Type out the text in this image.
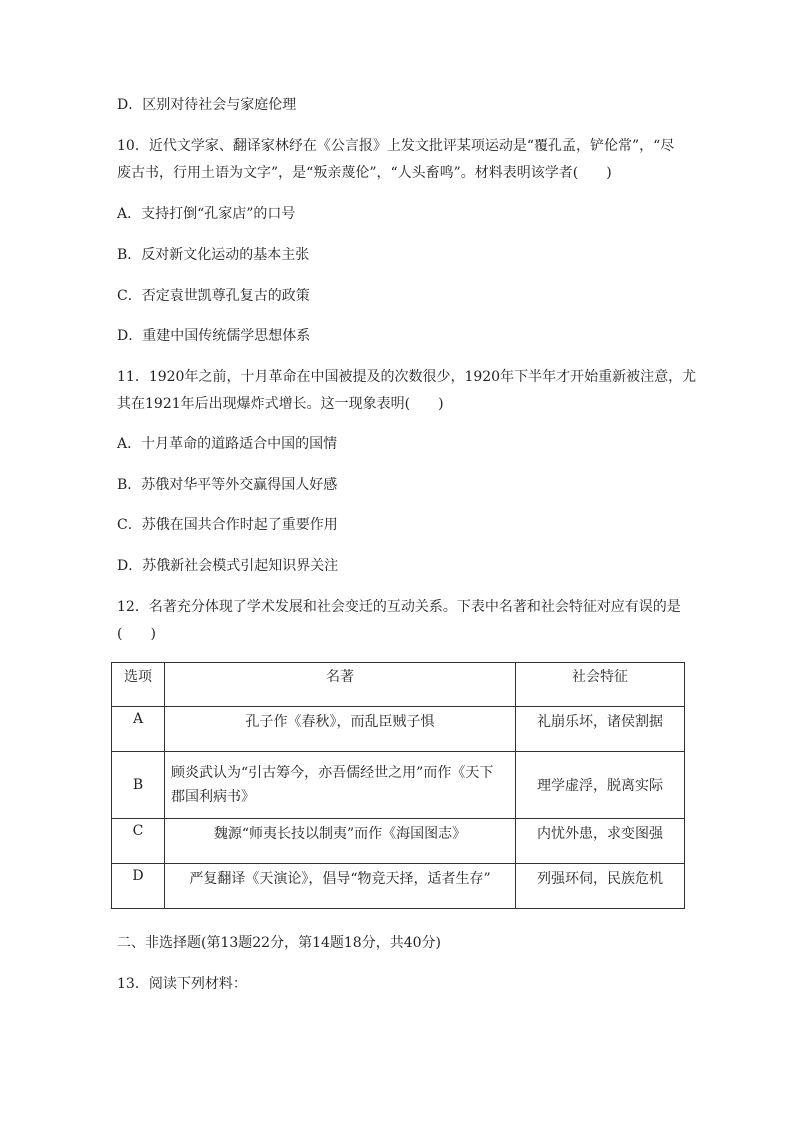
D．区别对待社会与家庭伦理
10．近代文学家、翻译家林纾在《公言报》上发文批评某项运动是“覆孔孟，铲伦常”，“尽
废古书，行用土语为文字”，是“叛亲蔑伦”，“人头畜鸣”。材料表明该学者(　　)
A．支持打倒“孔家店”的口号
B．反对新文化运动的基本主张
C．否定袁世凯尊孔复古的政策
D．重建中国传统儒学思想体系
11．1920年之前，十月革命在中国被提及的次数很少，1920年下半年才开始重新被注意，尤
其在1921年后出现爆炸式增长。这一现象表明(　　)
A．十月革命的道路适合中国的国情
B．苏俄对华平等外交赢得国人好感
C．苏俄在国共合作时起了重要作用
D．苏俄新社会模式引起知识界关注
12．名著充分体现了学术发展和社会变迁的互动关系。下表中名著和社会特征对应有误的是
(　　)
选项	名著	社会特征
A	孔子作《春秋》，而乱臣贼子惧	礼崩乐坏，诸侯割据
B	顾炎武认为“引古筹今，亦吾儒经世之用”而作《天下
郡国利病书》	理学虚浮，脱离实际
C	魏源“师夷长技以制夷”而作《海国图志》	内忧外患，求变图强
D	严复翻译《天演论》，倡导“物竞天择，适者生存”	列强环伺，民族危机
二、非选择题(第13题22分，第14题18分，共40分)
13．阅读下列材料：
